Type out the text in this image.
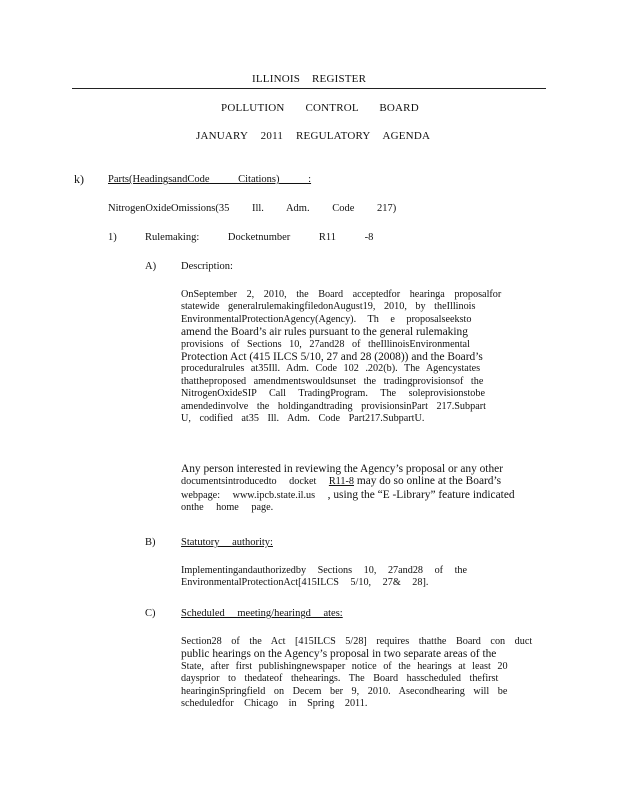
ILLINOIS REGISTER
POLLUTION CONTROL BOARD
JANUARY 2011 REGULATORY AGENDA
k) Parts(HeadingsandCode Citations) :
NitrogenOxideOmissions(35 Ill. Adm. Code 217)
1)	Rulemaking: Docketnumber R11 -8
A) Description:
OnSeptember 2, 2010, the Board acceptedfor hearinga proposalfor
statewide generalrulemakingfiledonAugust19, 2010, by theIllinois
EnvironmentalProtectionAgency(Agency). Th e proposalseeksto
amend the Board’s air rules pursuant to the general rulemaking
provisions of Sections 10, 27and28 of theIllinoisEnvironmental
Protection Act (415 ILCS 5/10, 27 and 28 (2008)) and the Board’s
proceduralrules at35Ill. Adm. Code 102 .202(b). The Agencystates
thattheproposed amendmentswouldsunset the tradingprovisionsof the
NitrogenOxideSIP Call TradingProgram. The soleprovisionstobe
amendedinvolve the holdingandtrading provisionsinPart 217.Subpart
U, codified at35 Ill. Adm. Code Part217.SubpartU.
Any person interested in reviewing the Agency’s proposal or any other
documentsintroducedto docket R11-8 may do so online at the Board’s
webpage: www.ipcb.state.il.us , using the “E -Library” feature indicated
onthe home page.
B) Statutory authority:
Implementingandauthorizedby Sections 10, 27and28 of the
EnvironmentalProtectionAct[415ILCS 5/10, 27& 28].
C) Scheduled meeting/hearingd ates:
Section28 of the Act [415ILCS 5/28] requires thatthe Board con duct
public hearings on the Agency’s proposal in two separate areas of the
State, after first publishingnewspaper notice of the hearings at least 20
daysprior to thedateof thehearings. The Board hasscheduled thefirst
hearinginSpringfield on Decem ber 9, 2010. Asecondhearing will be
scheduledfor Chicago in Spring 2011.
